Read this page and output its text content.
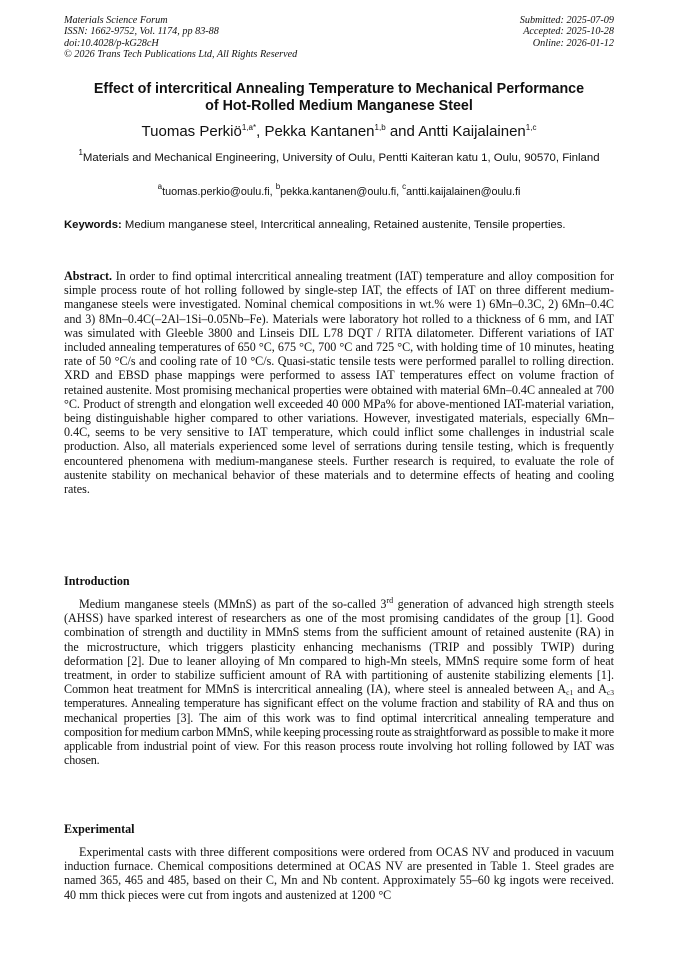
Materials Science Forum
ISSN: 1662-9752, Vol. 1174, pp 83-88
doi:10.4028/p-kG28cH
© 2026 Trans Tech Publications Ltd, All Rights Reserved
Submitted: 2025-07-09
Accepted: 2025-10-28
Online: 2026-01-12
Effect of intercritical Annealing Temperature to Mechanical Performance
of Hot-Rolled Medium Manganese Steel
Tuomas Perkiö$^{1,a*}$, Pekka Kantanen$^{1,b}$ and Antti Kaijalainen$^{1,c}$
$^1$Materials and Mechanical Engineering, University of Oulu, Pentti Kaiteran katu 1, Oulu, 90570, Finland
$^a$tuomas.perkio@oulu.fi, $^b$pekka.kantanen@oulu.fi, $^c$antti.kaijalainen@oulu.fi
Keywords: Medium manganese steel, Intercritical annealing, Retained austenite, Tensile properties.

Abstract. In order to find optimal intercritical annealing treatment (IAT) temperature and alloy composition for simple process route of hot rolling followed by single-step IAT, the effects of IAT on three different medium-manganese steels were investigated. Nominal chemical compositions in wt.% were 1) 6Mn–0.3C, 2) 6Mn–0.4C and 3) 8Mn–0.4C(–2Al–1Si–0.05Nb–Fe). Materials were laboratory hot rolled to a thickness of 6 mm, and IAT was simulated with Gleeble 3800 and Linseis DIL L78 DQT / RITA dilatometer. Different variations of IAT included annealing temperatures of 650 °C, 675 °C, 700 °C and 725 °C, with holding time of 10 minutes, heating rate of 50 °C/s and cooling rate of 10 °C/s. Quasi-static tensile tests were performed parallel to rolling direction. XRD and EBSD phase mappings were performed to assess IAT temperatures effect on volume fraction of retained austenite. Most promising mechanical properties were obtained with material 6Mn–0.4C annealed at 700 °C. Product of strength and elongation well exceeded 40 000 MPa% for above-mentioned IAT-material variation, being distinguishable higher compared to other variations. However, investigated materials, especially 6Mn–0.4C, seems to be very sensitive to IAT temperature, which could inflict some challenges in industrial scale production. Also, all materials experienced some level of serrations during tensile testing, which is frequently encountered phenomena with medium-manganese steels. Further research is required, to evaluate the role of austenite stability on mechanical behavior of these materials and to determine effects of heating and cooling rates.

Introduction

Medium manganese steels (MMnS) as part of the so-called 3rd generation of advanced high strength steels (AHSS) have sparked interest of researchers as one of the most promising candidates of the group [1]. Good combination of strength and ductility in MMnS stems from the sufficient amount of retained austenite (RA) in the microstructure, which triggers plasticity enhancing mechanisms (TRIP and possibly TWIP) during deformation [2]. Due to leaner alloying of Mn compared to high-Mn steels, MMnS require some form of heat treatment, in order to stabilize sufficient amount of RA with partitioning of austenite stabilizing elements [1]. Common heat treatment for MMnS is intercritical annealing (IA), where steel is annealed between $A_{c1}$ and $A_{c3}$ temperatures. Annealing temperature has significant effect on the volume fraction and stability of RA and thus on mechanical properties [3]. The aim of this work was to find optimal intercritical annealing temperature and composition for medium carbon MMnS, while keeping processing route as straightforward as possible to make it more applicable from industrial point of view. For this reason process route involving hot rolling followed by IAT was chosen.

Experimental

Experimental casts with three different compositions were ordered from OCAS NV and produced in vacuum induction furnace. Chemical compositions determined at OCAS NV are presented in Table 1. Steel grades are named 365, 465 and 485, based on their C, Mn and Nb content. Approximately 55–60 kg ingots were received. 40 mm thick pieces were cut from ingots and austenized at 1200 °C
